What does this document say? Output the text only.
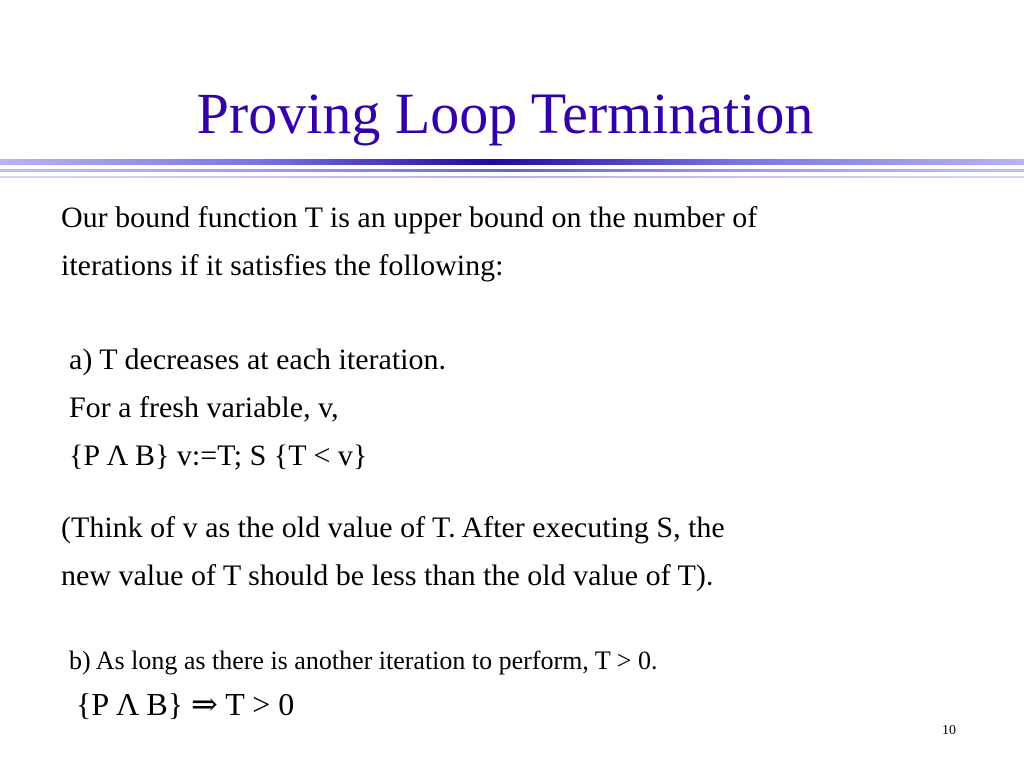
Proving Loop Termination
Our bound function T is an upper bound on the number of
iterations if it satisfies the following:
a) T decreases at each iteration.
For a fresh variable, v,
{P Λ B} v:=T; S {T < v}
(Think of v as the old value of T. After executing S, the
new value of T should be less than the old value of T).
b) As long as there is another iteration to perform, T > 0.
{P Λ B} ⇒ T > 0
10
